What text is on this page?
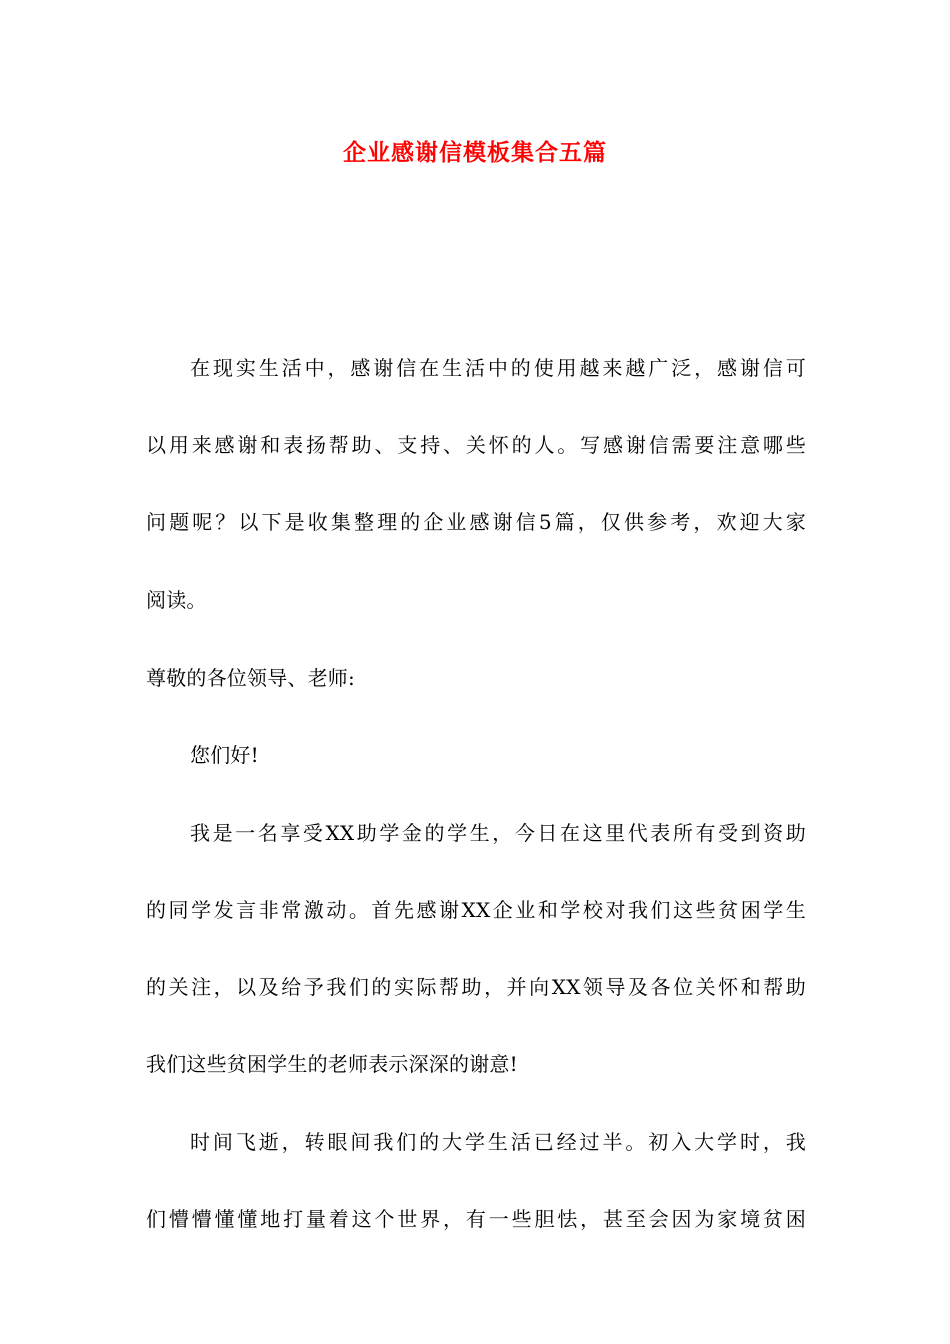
企业感谢信模板集合五篇
在现实生活中，感谢信在生活中的使用越来越广泛，感谢信可
以用来感谢和表扬帮助、支持、关怀的人。写感谢信需要注意哪些
问题呢？以下是收集整理的企业感谢信5篇，仅供参考，欢迎大家
阅读。
尊敬的各位领导、老师:
您们好!
我是一名享受XX助学金的学生，今日在这里代表所有受到资助
的同学发言非常激动。首先感谢XX企业和学校对我们这些贫困学生
的关注，以及给予我们的实际帮助，并向XX领导及各位关怀和帮助
我们这些贫困学生的老师表示深深的谢意!
时间飞逝，转眼间我们的大学生活已经过半。初入大学时，我
们懵懵懂懂地打量着这个世界，有一些胆怯，甚至会因为家境贫困
